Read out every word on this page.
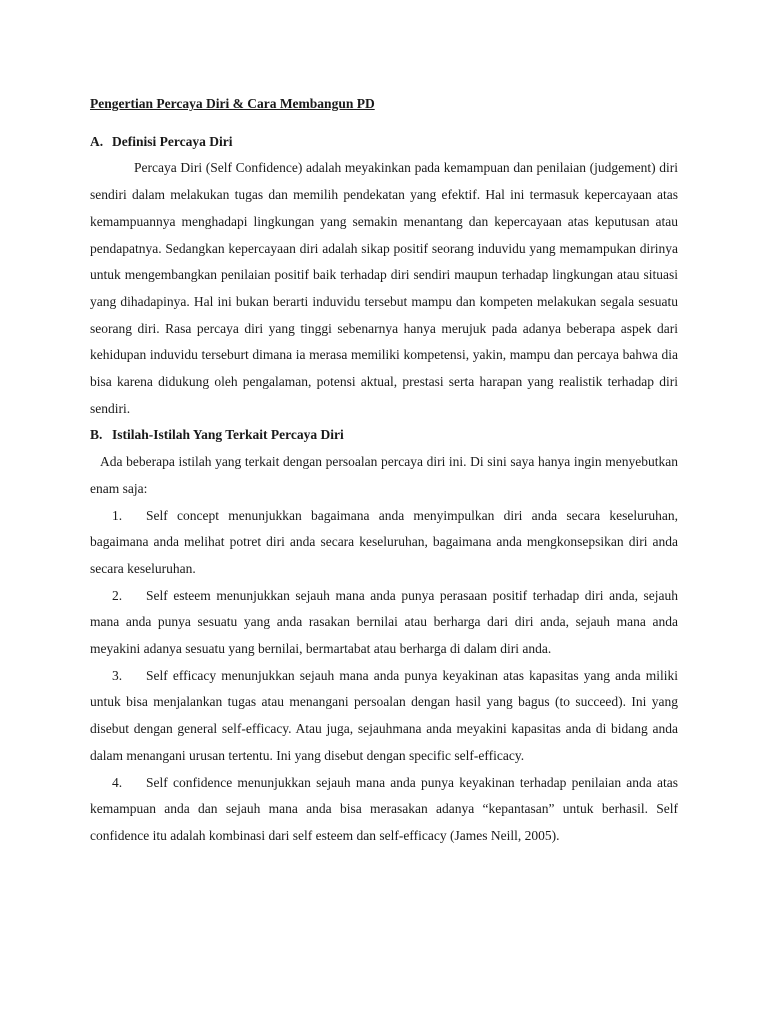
Pengertian Percaya Diri & Cara Membangun PD
A. Definisi Percaya Diri

Percaya Diri (Self Confidence) adalah meyakinkan pada kemampuan dan penilaian (judgement) diri sendiri dalam melakukan tugas dan memilih pendekatan yang efektif. Hal ini termasuk kepercayaan atas kemampuannya menghadapi lingkungan yang semakin menantang dan kepercayaan atas keputusan atau pendapatnya. Sedangkan kepercayaan diri adalah sikap positif seorang induvidu yang memampukan dirinya untuk mengembangkan penilaian positif baik terhadap diri sendiri maupun terhadap lingkungan atau situasi yang dihadapinya. Hal ini bukan berarti induvidu tersebut mampu dan kompeten melakukan segala sesuatu seorang diri. Rasa percaya diri yang tinggi sebenarnya hanya merujuk pada adanya beberapa aspek dari kehidupan induvidu terseburt dimana ia merasa memiliki kompetensi, yakin, mampu dan percaya bahwa dia bisa karena didukung oleh pengalaman, potensi aktual, prestasi serta harapan yang realistik terhadap diri sendiri.

B. Istilah-Istilah Yang Terkait Percaya Diri

Ada beberapa istilah yang terkait dengan persoalan percaya diri ini. Di sini saya hanya ingin menyebutkan enam saja:

1. Self concept menunjukkan bagaimana anda menyimpulkan diri anda secara keseluruhan, bagaimana anda melihat potret diri anda secara keseluruhan, bagaimana anda mengkonsepsikan diri anda secara keseluruhan.

2. Self esteem menunjukkan sejauh mana anda punya perasaan positif terhadap diri anda, sejauh mana anda punya sesuatu yang anda rasakan bernilai atau berharga dari diri anda, sejauh mana anda meyakini adanya sesuatu yang bernilai, bermartabat atau berharga di dalam diri anda.

3. Self efficacy menunjukkan sejauh mana anda punya keyakinan atas kapasitas yang anda miliki untuk bisa menjalankan tugas atau menangani persoalan dengan hasil yang bagus (to succeed). Ini yang disebut dengan general self-efficacy. Atau juga, sejauhmana anda meyakini kapasitas anda di bidang anda dalam menangani urusan tertentu. Ini yang disebut dengan specific self-efficacy.

4. Self confidence menunjukkan sejauh mana anda punya keyakinan terhadap penilaian anda atas kemampuan anda dan sejauh mana anda bisa merasakan adanya “kepantasan” untuk berhasil. Self confidence itu adalah kombinasi dari self esteem dan self-efficacy (James Neill, 2005).
